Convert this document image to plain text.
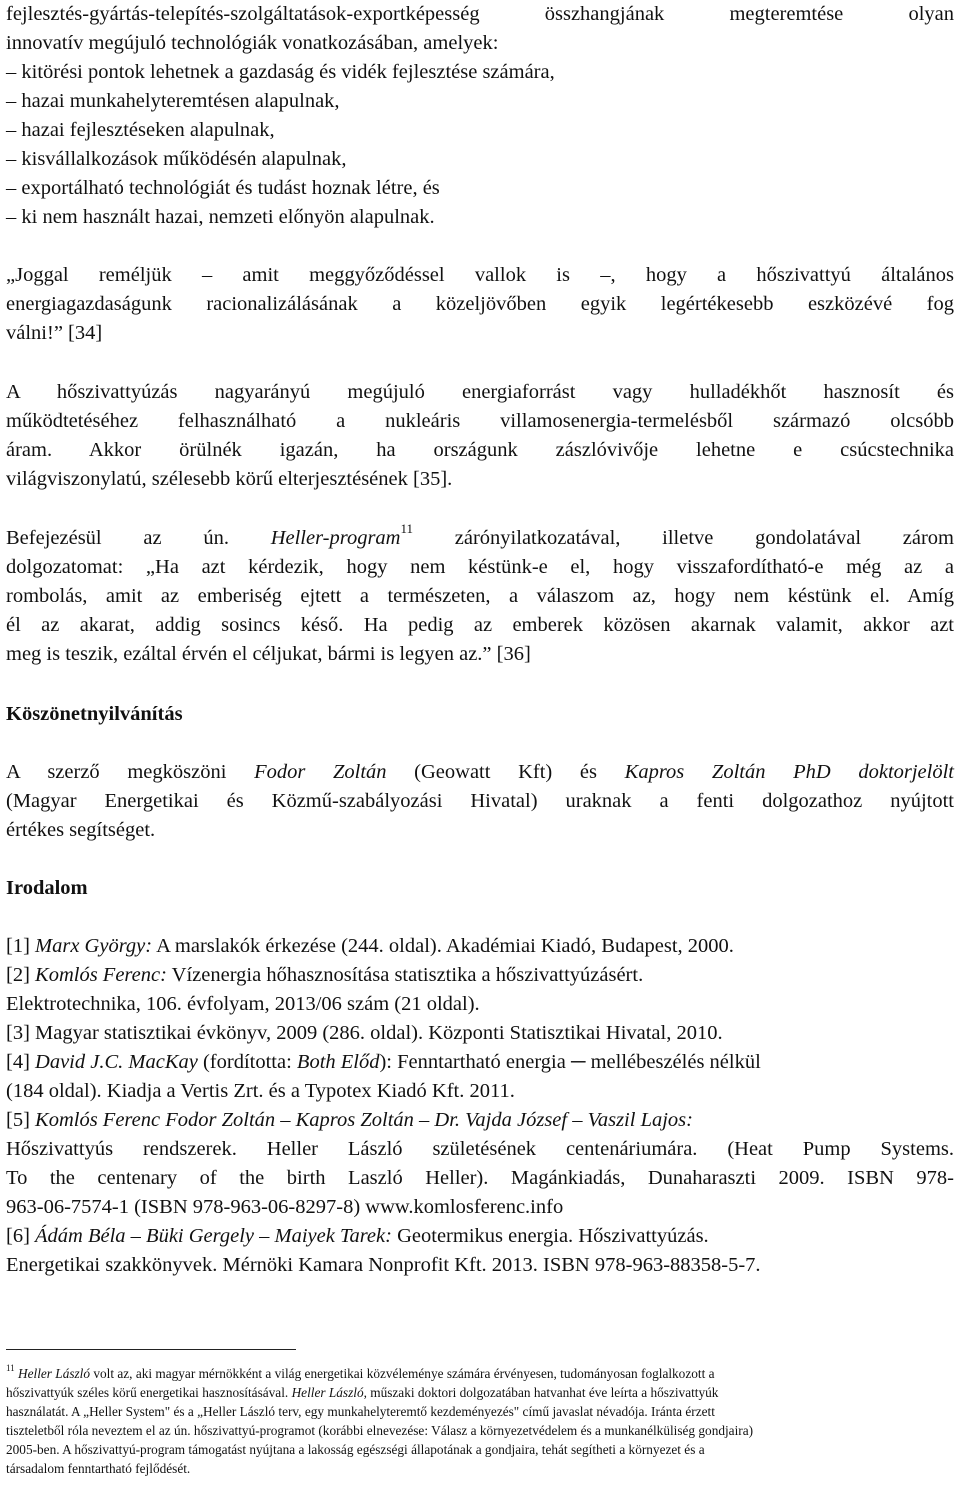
fejlesztés-gyártás-telepítés-szolgáltatások-exportképesség összhangjának megteremtése olyan
innovatív megújuló technológiák vonatkozásában, amelyek:
– kitörési pontok lehetnek a gazdaság és vidék fejlesztése számára,
– hazai munkahelyteremtésen alapulnak,
– hazai fejlesztéseken alapulnak,
– kisvállalkozások működésén alapulnak,
– exportálható technológiát és tudást hoznak létre, és
– ki nem használt hazai, nemzeti előnyön alapulnak.
„Joggal reméljük – amit meggyőződéssel vallok is –, hogy a hőszivattyú általános
energiagazdaságunk racionalizálásának a közeljövőben egyik legértékesebb eszközévé fog
válni!” [34]
A hőszivattyúzás nagyarányú megújuló energiaforrást vagy hulladékhőt hasznosít és
működtetéséhez felhasználható a nukleáris villamosenergia-termelésből származó olcsóbb
áram. Akkor örülnék igazán, ha országunk zászlóvivője lehetne e csúcstechnika
világviszonylatú, szélesebb körű elterjesztésének [35].
Befejezésül az ún. Heller-program$^{11}$ zárónyilatkozatával, illetve gondolatával zárom
dolgozatomat: „Ha azt kérdezik, hogy nem késtünk-e el, hogy visszafordítható-e még az a
rombolás, amit az emberiség ejtett a természeten, a válaszom az, hogy nem késtünk el. Amíg
él az akarat, addig sosincs késő. Ha pedig az emberek közösen akarnak valamit, akkor azt
meg is teszik, ezáltal érvén el céljukat, bármi is legyen az.” [36]
Köszönetnyilvánítás
A szerző megköszöni Fodor Zoltán (Geowatt Kft) és Kapros Zoltán PhD doktorjelölt
(Magyar Energetikai és Közmű-szabályozási Hivatal) uraknak a fenti dolgozathoz nyújtott
értékes segítséget.
Irodalom
[1] Marx György: A marslakók érkezése (244. oldal). Akadémiai Kiadó, Budapest, 2000.
[2] Komlós Ferenc: Vízenergia hőhasznosítása statisztika a hőszivattyúzásért.
Elektrotechnika, 106. évfolyam, 2013/06 szám (21 oldal).
[3] Magyar statisztikai évkönyv, 2009 (286. oldal). Központi Statisztikai Hivatal, 2010.
[4] David J.C. MacKay (fordította: Both Előd): Fenntartható energia ─ mellébeszélés nélkül
(184 oldal). Kiadja a Vertis Zrt. és a Typotex Kiadó Kft. 2011.
[5] Komlós Ferenc Fodor Zoltán – Kapros Zoltán – Dr. Vajda József – Vaszil Lajos:
Hőszivattyús rendszerek. Heller László születésének centenáriumára. (Heat Pump Systems.
To the centenary of the birth Laszló Heller). Magánkiadás, Dunaharaszti 2009. ISBN 978-
963-06-7574-1 (ISBN 978-963-06-8297-8) www.komlosferenc.info
[6] Ádám Béla – Büki Gergely – Maiyek Tarek: Geotermikus energia. Hőszivattyúzás.
Energetikai szakkönyvek. Mérnöki Kamara Nonprofit Kft. 2013. ISBN 978-963-88358-5-7.
$^{11}$ Heller László volt az, aki magyar mérnökként a világ energetikai közvéleménye számára érvényesen, tudományosan foglalkozott a
hőszivattyúk széles körű energetikai hasznosításával. Heller László, műszaki doktori dolgozatában hatvanhat éve leírta a hőszivattyúk
használatát. A „Heller System" és a „Heller László terv, egy munkahelyteremtő kezdeményezés" című javaslat névadója. Iránta érzett
tiszteletből róla neveztem el az ún. hőszivattyú-programot (korábbi elnevezése: Válasz a környezetvédelem és a munkanélküliség gondjaira)
2005-ben. A hőszivattyú-program támogatást nyújtana a lakosság egészségi állapotának a gondjaira, tehát segítheti a környezet és a
társadalom fenntartható fejlődését.
